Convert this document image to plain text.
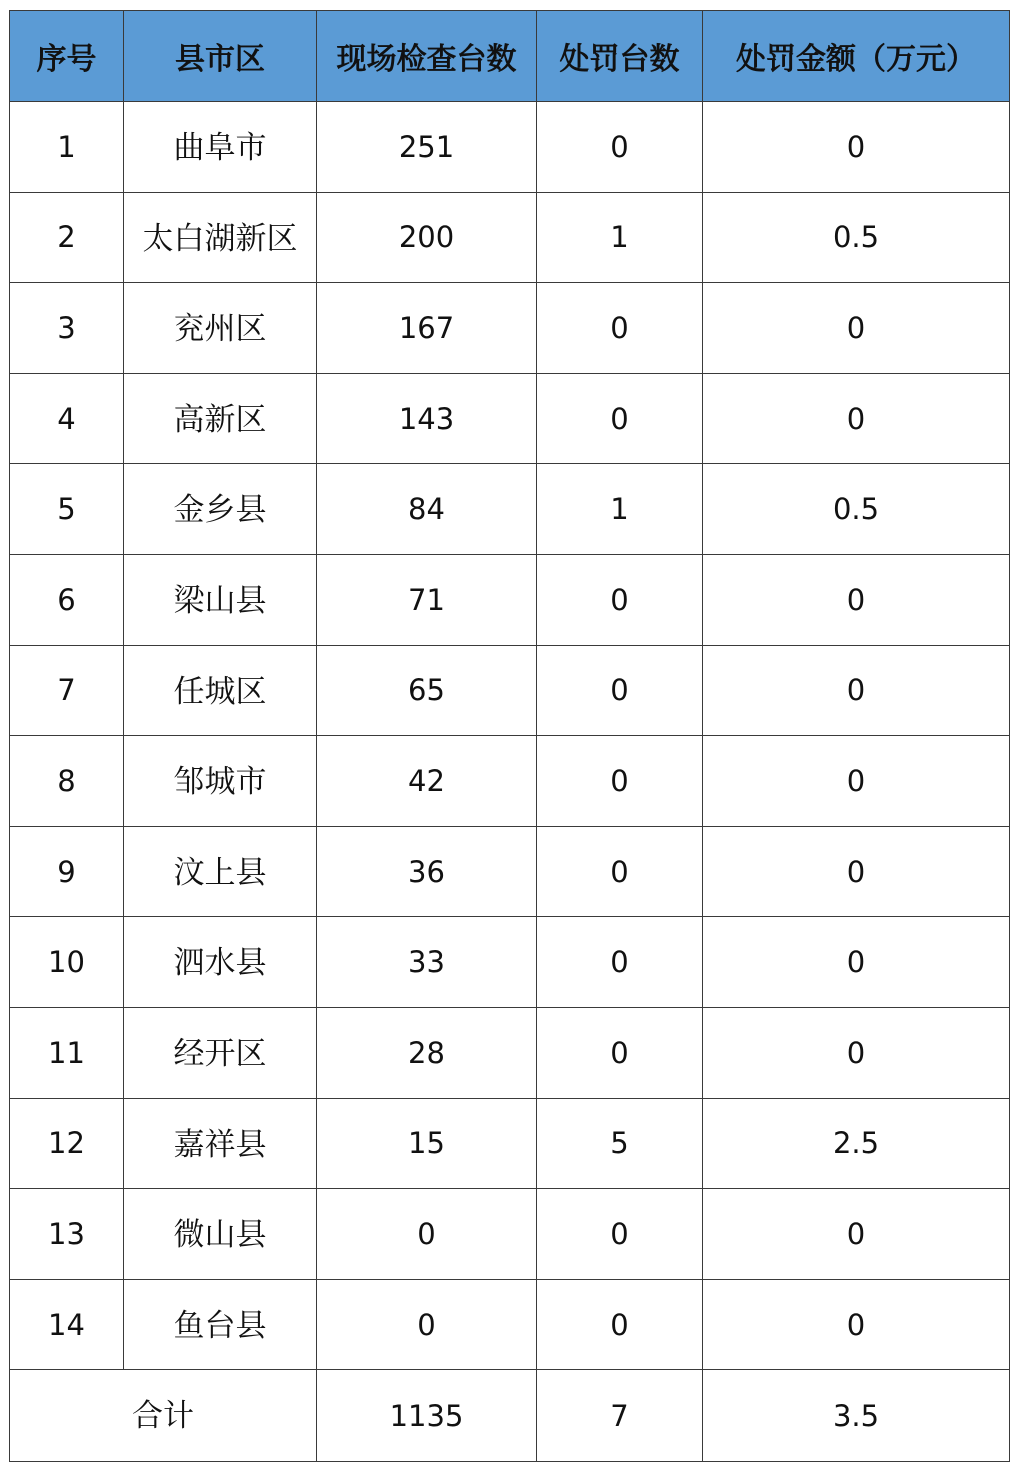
序号	县市区	现场检查台数	处罚台数	处罚金额（万元）
1	曲阜市	251	0	0
2	太白湖新区	200	1	0.5
3	兖州区	167	0	0
4	高新区	143	0	0
5	金乡县	84	1	0.5
6	梁山县	71	0	0
7	任城区	65	0	0
8	邹城市	42	0	0
9	汶上县	36	0	0
10	泗水县	33	0	0
11	经开区	28	0	0
12	嘉祥县	15	5	2.5
13	微山县	0	0	0
14	鱼台县	0	0	0
合计		1135	7	3.5
